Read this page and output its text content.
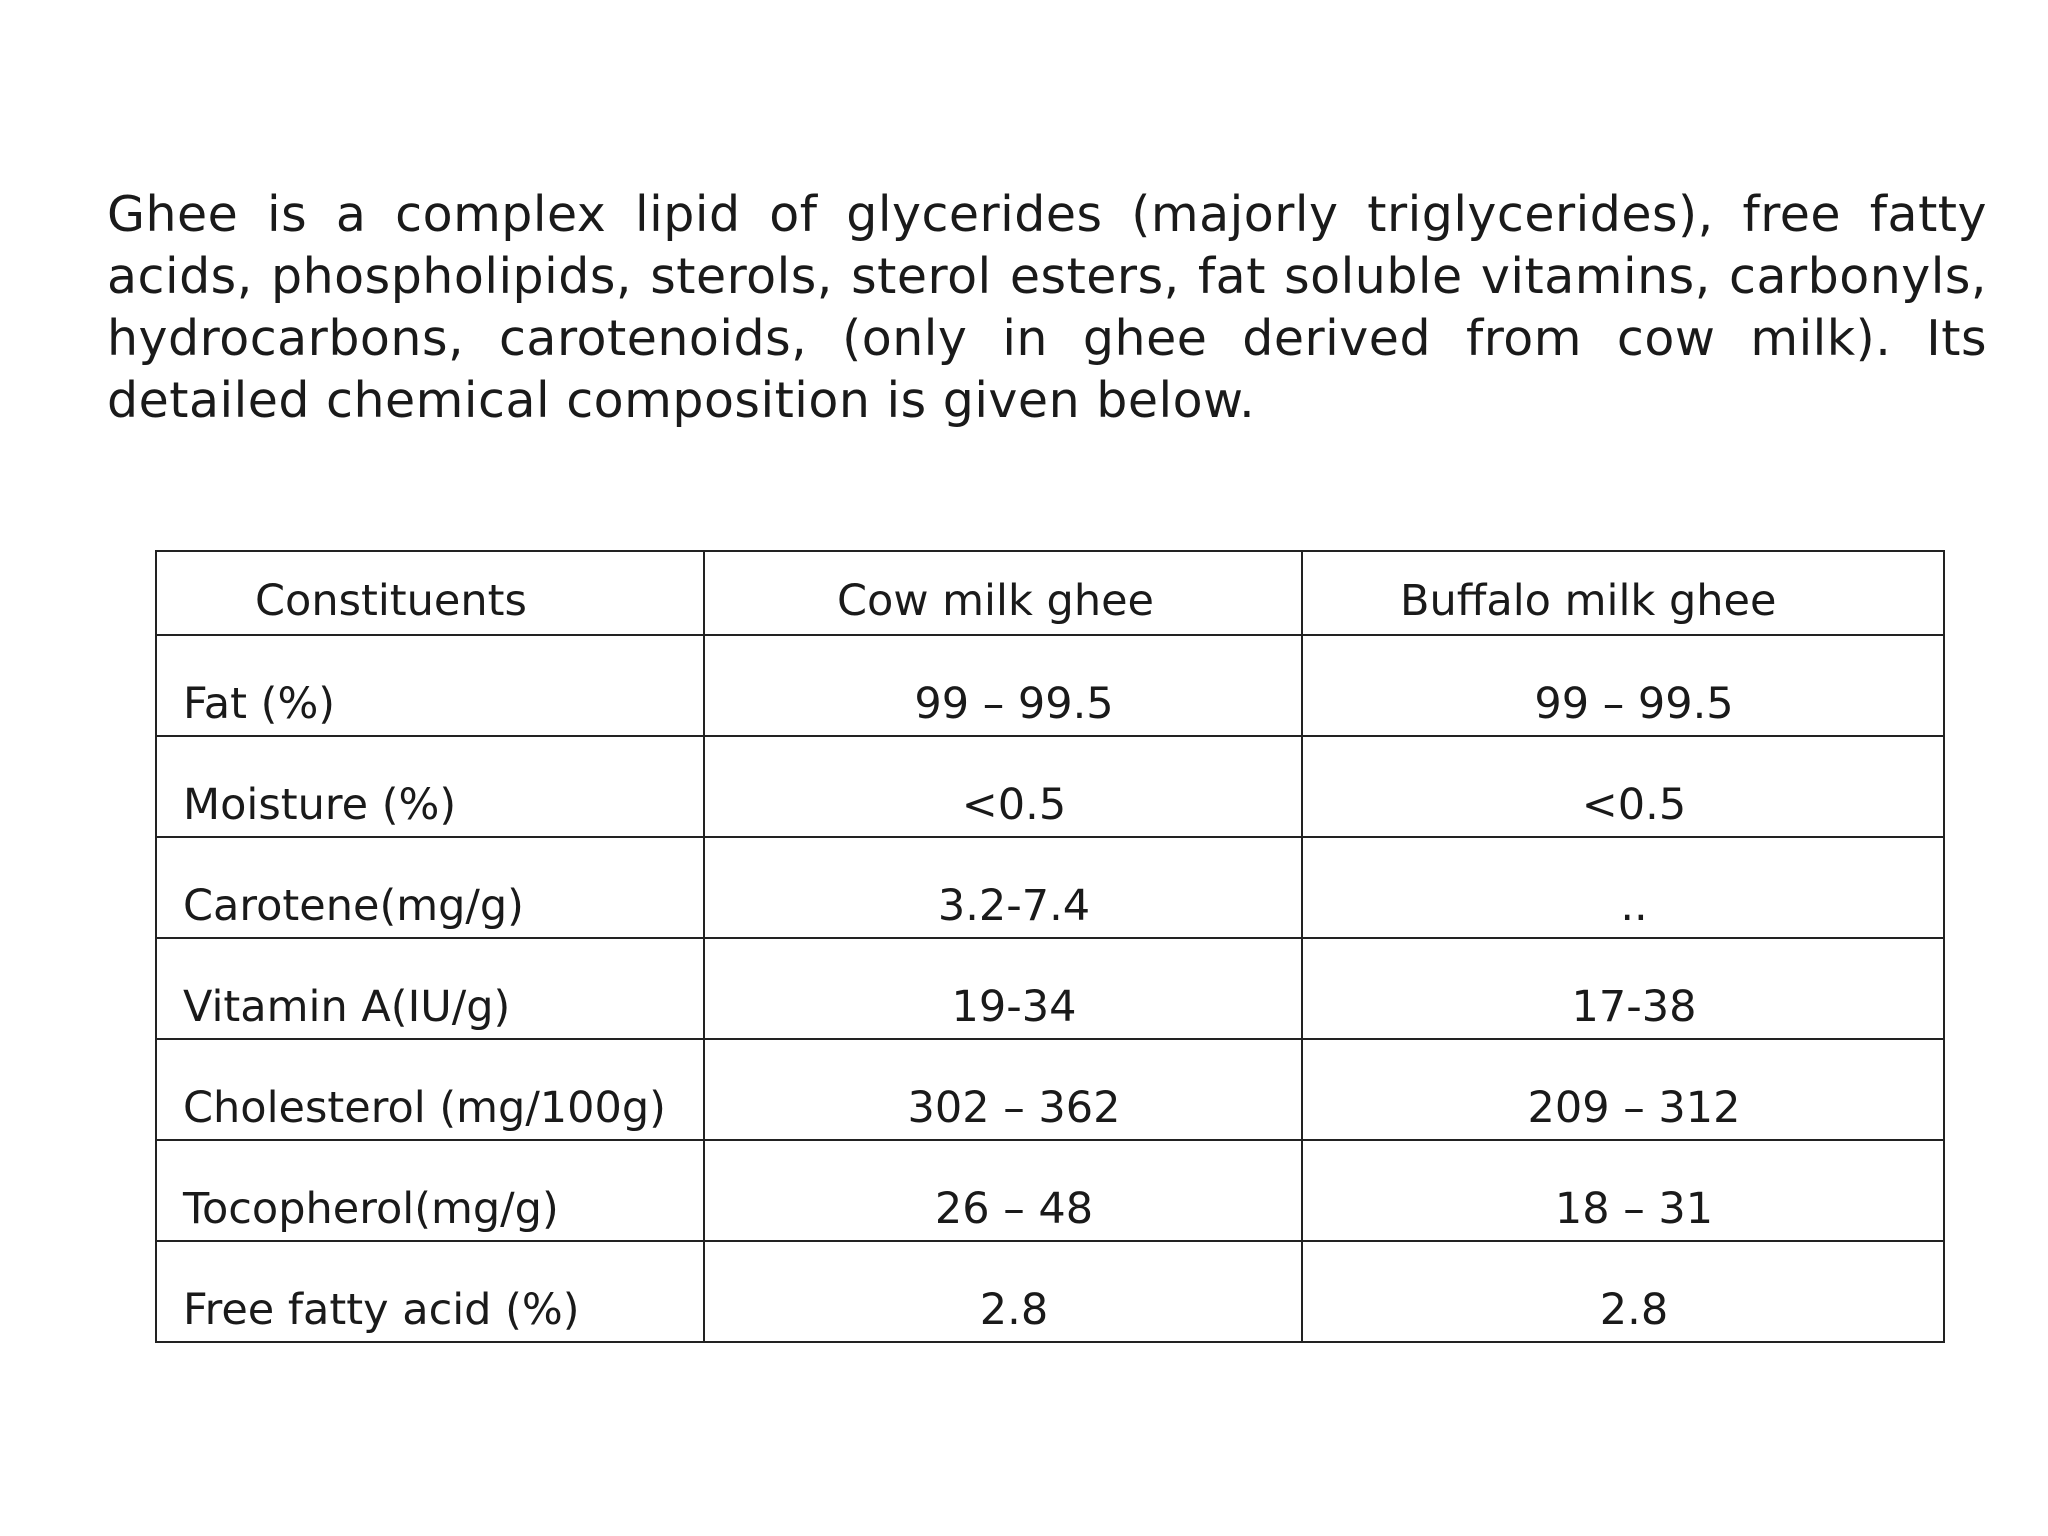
Ghee is a complex lipid of glycerides (majorly triglycerides), free fatty acids, phospholipids, sterols, sterol esters, fat soluble vitamins, carbonyls, hydrocarbons, carotenoids, (only in ghee derived from cow milk). Its detailed chemical composition is given below.

Constituents	Cow milk ghee	Buffalo milk ghee
Fat (%)	99 – 99.5	99 – 99.5
Moisture (%)	<0.5	<0.5
Carotene(mg/g)	3.2-7.4	..
Vitamin A(IU/g)	19-34	17-38
Cholesterol (mg/100g)	302 – 362	209 – 312
Tocopherol(mg/g)	26 – 48	18 – 31
Free fatty acid (%)	2.8	2.8
